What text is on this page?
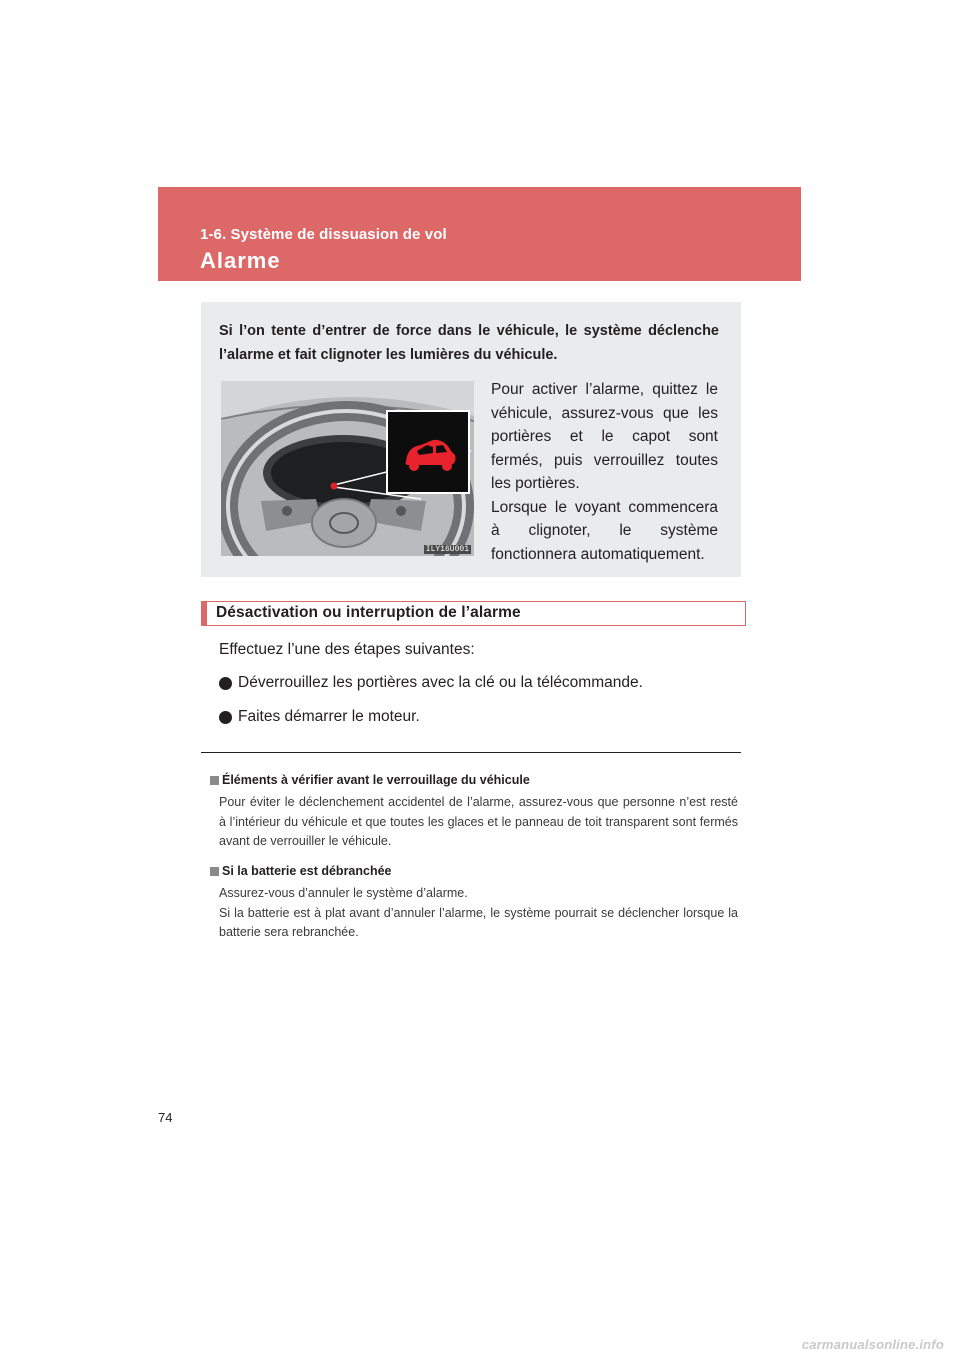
1-6. Système de dissuasion de vol
Alarme

Si l’on tente d’entrer de force dans le véhicule, le système déclenche l’alarme et fait clignoter les lumières du véhicule.

ILY16U001

Pour activer l’alarme, quittez le
véhicule, assurez-vous que les
portières et le capot sont
fermés, puis verrouillez toutes
les portières.
Lorsque le voyant commencera
à clignoter, le système
fonctionnera automatiquement.

Désactivation ou interruption de l’alarme

Effectuez l’une des étapes suivantes:

Déverrouillez les portières avec la clé ou la télécommande.
Faites démarrer le moteur.

Éléments à vérifier avant le verrouillage du véhicule

Pour éviter le déclenchement accidentel de l’alarme, assurez-vous que personne n’est resté à l’intérieur du véhicule et que toutes les glaces et le panneau de toit transparent sont fermés avant de verrouiller le véhicule.

Si la batterie est débranchée

Assurez-vous d’annuler le système d’alarme.
Si la batterie est à plat avant d’annuler l’alarme, le système pourrait se déclencher lorsque la batterie sera rebranchée.

74

carmanualsonline.info
